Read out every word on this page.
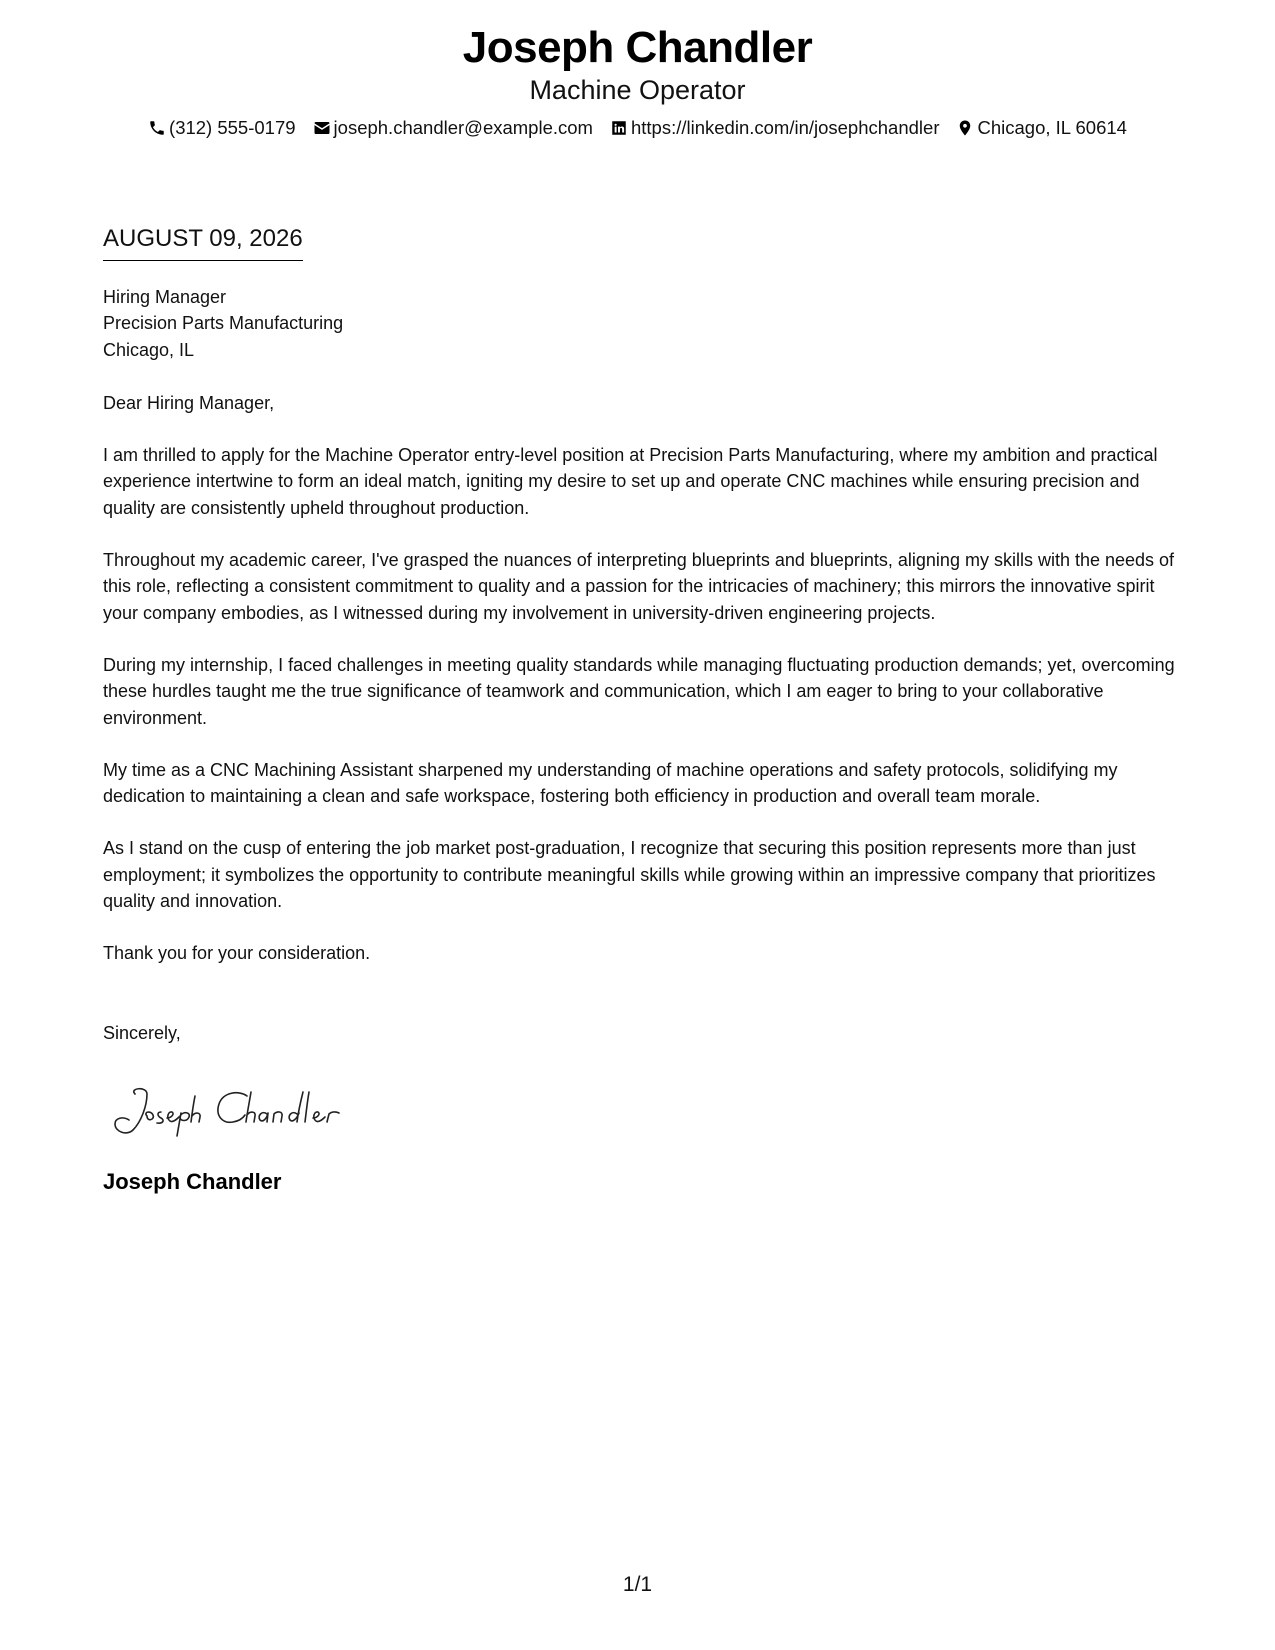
Joseph Chandler
Machine Operator
(312) 555-0179 joseph.chandler@example.com https://linkedin.com/in/josephchandler Chicago, IL 60614
AUGUST 09, 2026
Hiring Manager
Precision Parts Manufacturing
Chicago, IL
Dear Hiring Manager,

I am thrilled to apply for the Machine Operator entry-level position at Precision Parts Manufacturing, where my ambition and practical experience intertwine to form an ideal match, igniting my desire to set up and operate CNC machines while ensuring precision and quality are consistently upheld throughout production.

Throughout my academic career, I've grasped the nuances of interpreting blueprints and blueprints, aligning my skills with the needs of this role, reflecting a consistent commitment to quality and a passion for the intricacies of machinery; this mirrors the innovative spirit your company embodies, as I witnessed during my involvement in university-driven engineering projects.

During my internship, I faced challenges in meeting quality standards while managing fluctuating production demands; yet, overcoming these hurdles taught me the true significance of teamwork and communication, which I am eager to bring to your collaborative environment.

My time as a CNC Machining Assistant sharpened my understanding of machine operations and safety protocols, solidifying my dedication to maintaining a clean and safe workspace, fostering both efficiency in production and overall team morale.

As I stand on the cusp of entering the job market post-graduation, I recognize that securing this position represents more than just employment; it symbolizes the opportunity to contribute meaningful skills while growing within an impressive company that prioritizes quality and innovation.

Thank you for your consideration.

Sincerely,
Joseph Chandler
1/1
